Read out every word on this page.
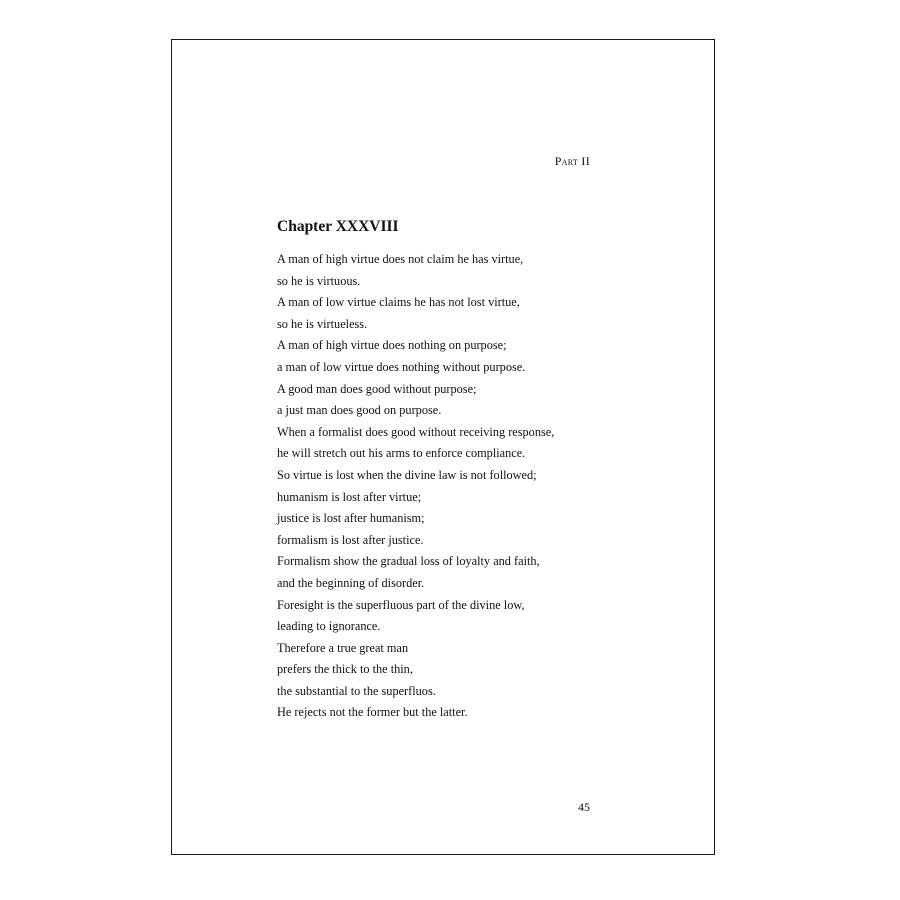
Part II
Chapter XXXVIII
A man of high virtue does not claim he has virtue,
so he is virtuous.
A man of low virtue claims he has not lost virtue,
so he is virtueless.
A man of high virtue does nothing on purpose;
a man of low virtue does nothing without purpose.
A good man does good without purpose;
a just man does good on purpose.
When a formalist does good without receiving response,
he will stretch out his arms to enforce compliance.
So virtue is lost when the divine law is not followed;
humanism is lost after virtue;
justice is lost after humanism;
formalism is lost after justice.
Formalism show the gradual loss of loyalty and faith,
and the beginning of disorder.
Foresight is the superfluous part of the divine low,
leading to ignorance.
Therefore a true great man
prefers the thick to the thin,
the substantial to the superfluos.
He rejects not the former but the latter.
45
